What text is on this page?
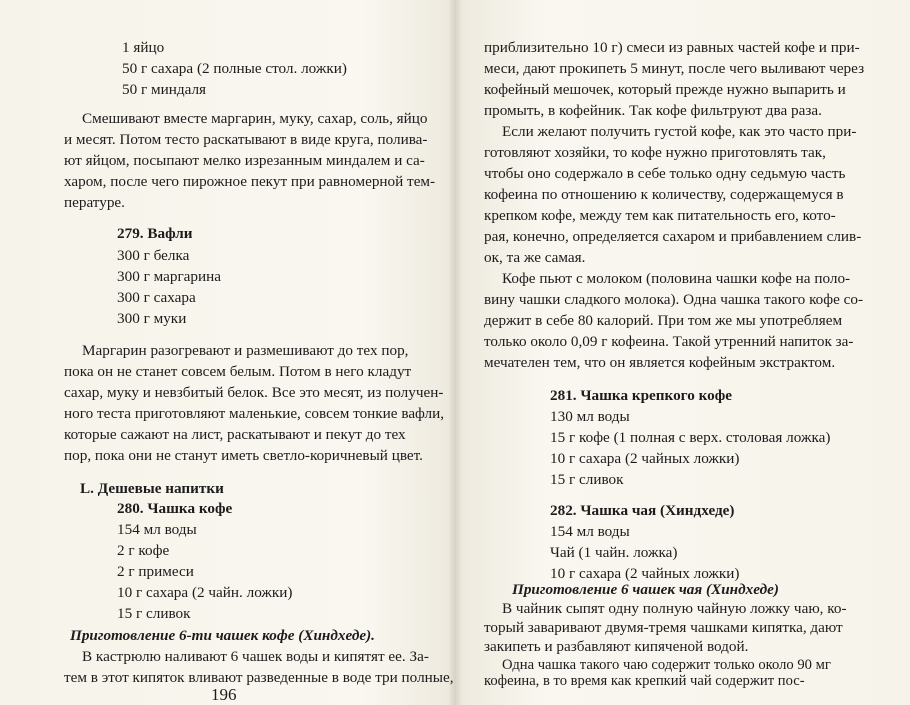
1 яйцо
50 г сахара (2 полные стол. ложки)
50 г миндаля
Смешивают вместе маргарин, муку, сахар, соль, яйцо
и месят. Потом тесто раскатывают в виде круга, полива-
ют яйцом, посыпают мелко изрезанным миндалем и са-
харом, после чего пирожное пекут при равномерной тем-
пературе.
279. Вафли
300 г белка
300 г маргарина
300 г сахара
300 г муки
Маргарин разогревают и размешивают до тех пор,
пока он не станет совсем белым. Потом в него кладут
сахар, муку и невзбитый белок. Все это месят, из получен-
ного теста приготовляют маленькие, совсем тонкие вафли,
которые сажают на лист, раскатывают и пекут до тех
пор, пока они не станут иметь светло-коричневый цвет.
L. Дешевые напитки
280. Чашка кофе
154 мл воды
2 г кофе
2 г примеси
10 г сахара (2 чайн. ложки)
15 г сливок
Приготовление 6-ти чашек кофе (Хиндхеде).
В кастрюлю наливают 6 чашек воды и кипятят ее. За-
тем в этот кипяток вливают разведенные в воде три полные,
196
приблизительно 10 г) смеси из равных частей кофе и при-
меси, дают прокипеть 5 минут, после чего выливают через
кофейный мешочек, который прежде нужно выпарить и
промыть, в кофейник. Так кофе фильтруют два раза.
Если желают получить густой кофе, как это часто при-
готовляют хозяйки, то кофе нужно приготовлять так,
чтобы оно содержало в себе только одну седьмую часть
кофеина по отношению к количеству, содержащемуся в
крепком кофе, между тем как питательность его, кото-
рая, конечно, определяется сахаром и прибавлением слив-
ок, та же самая.
Кофе пьют с молоком (половина чашки кофе на поло-
вину чашки сладкого молока). Одна чашка такого кофе со-
держит в себе 80 калорий. При том же мы употребляем
только около 0,09 г кофеина. Такой утренний напиток за-
мечателен тем, что он является кофейным экстрактом.
281. Чашка крепкого кофе
130 мл воды
15 г кофе (1 полная с верх. столовая ложка)
10 г сахара (2 чайных ложки)
15 г сливок
282. Чашка чая (Хиндхеде)
154 мл воды
Чай (1 чайн. ложка)
10 г сахара (2 чайных ложки)
Приготовление 6 чашек чая (Хиндхеде)
В чайник сыпят одну полную чайную ложку чаю, ко-
торый заваривают двумя-тремя чашками кипятка, дают
закипеть и разбавляют кипяченой водой.
Одна чашка такого чаю содержит только около 90 мг
кофеина, в то время как крепкий чай содержит пос-
